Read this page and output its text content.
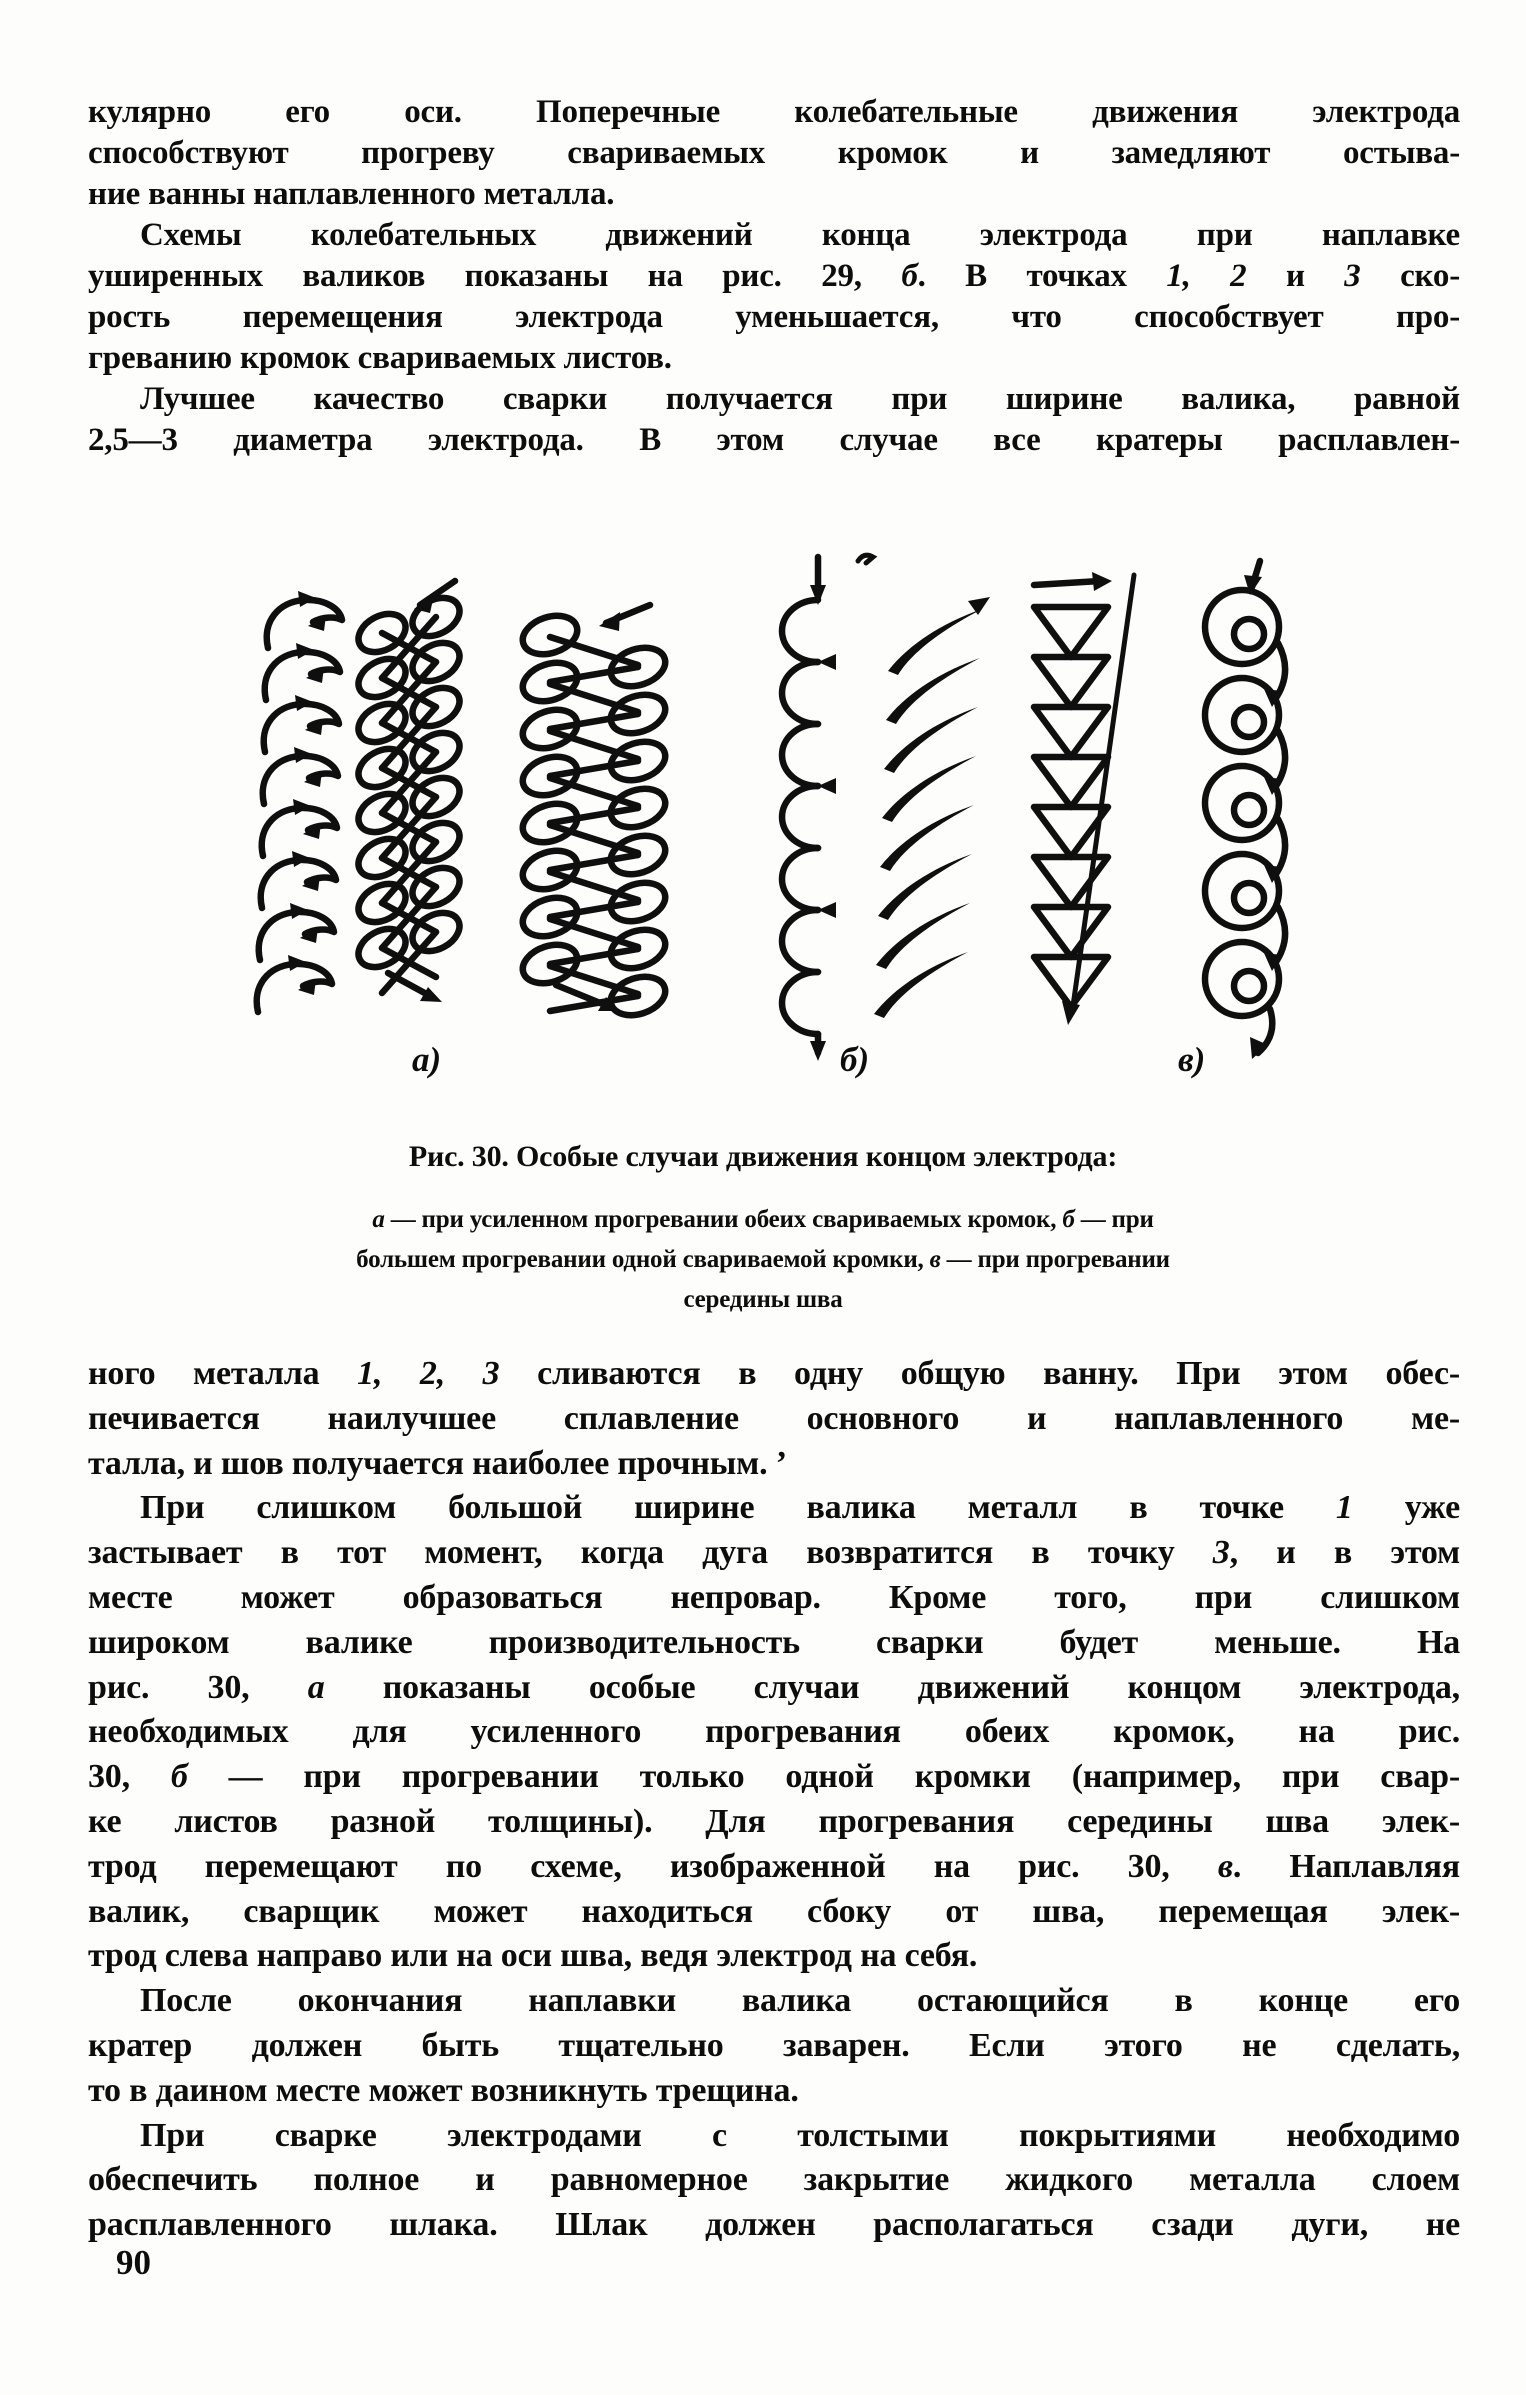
кулярно его оси. Поперечные колебательные движения электрода
способствуют прогреву свариваемых кромок и замедляют остыва-
ние ванны наплавленного металла.
Схемы колебательных движений конца электрода при наплавке
уширенных валиков показаны на рис. 29, б. В точках 1, 2 и 3 ско-
рость перемещения электрода уменьшается, что способствует про-
греванию кромок свариваемых листов.
Лучшее качество сварки получается при ширине валика, равной
2,5—3 диаметра электрода. В этом случае все кратеры расплавлен-
а)	б)	в)
Рис. 30. Особые случаи движения концом электрода:
а — при усиленном прогревании обеих свариваемых кромок, б — при
большем прогревании одной свариваемой кромки, в — при прогревании
середины шва
ного металла 1, 2, 3 сливаются в одну общую ванну. При этом обес-
печивается наилучшее сплавление основного и наплавленного ме-
талла, и шов получается наиболее прочным. ’
При слишком большой ширине валика металл в точке 1 уже
застывает в тот момент, когда дуга возвратится в точку 3, и в этом
месте может образоваться непровар. Кроме того, при слишком
широком валике производительность сварки будет меньше. На
рис. 30, а показаны особые случаи движений концом электрода,
необходимых для усиленного прогревания обеих кромок, на рис.
30, б — при прогревании только одной кромки (например, при свар-
ке листов разной толщины). Для прогревания середины шва элек-
трод перемещают по схеме, изображенной на рис. 30, в. Наплавляя
валик, сварщик может находиться сбоку от шва, перемещая элек-
трод слева направо или на оси шва, ведя электрод на себя.
После окончания наплавки валика остающийся в конце его
кратер должен быть тщательно заварен. Если этого не сделать,
то в даином месте может возникнуть трещина.
При сварке электродами с толстыми покрытиями необходимо
обеспечить полное и равномерное закрытие жидкого металла слоем
расплавленного шлака. Шлак должен располагаться сзади дуги, не
90
